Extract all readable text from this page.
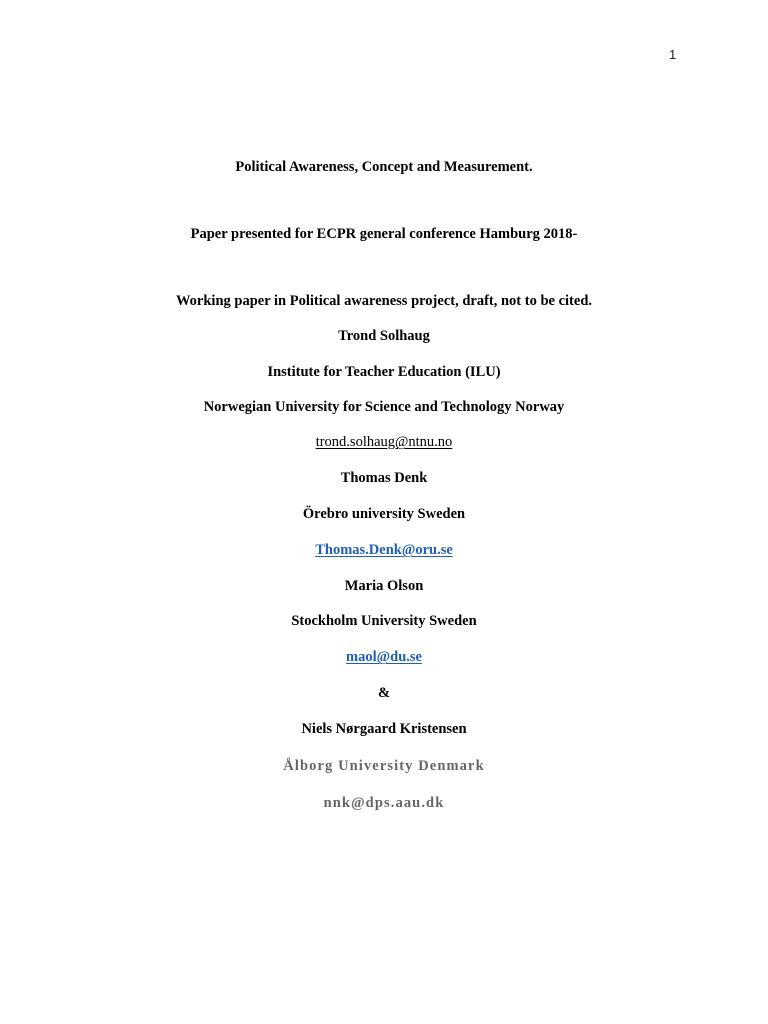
1
Political Awareness, Concept and Measurement.
Paper presented for ECPR general conference Hamburg 2018-
Working paper in Political awareness project, draft, not to be cited.
Trond Solhaug
Institute for Teacher Education (ILU)
Norwegian University for Science and Technology Norway
trond.solhaug@ntnu.no
Thomas Denk
Örebro university Sweden
Thomas.Denk@oru.se
Maria Olson
Stockholm University Sweden
maol@du.se
&
Niels Nørgaard Kristensen
Ålborg University Denmark
nnk@dps.aau.dk
